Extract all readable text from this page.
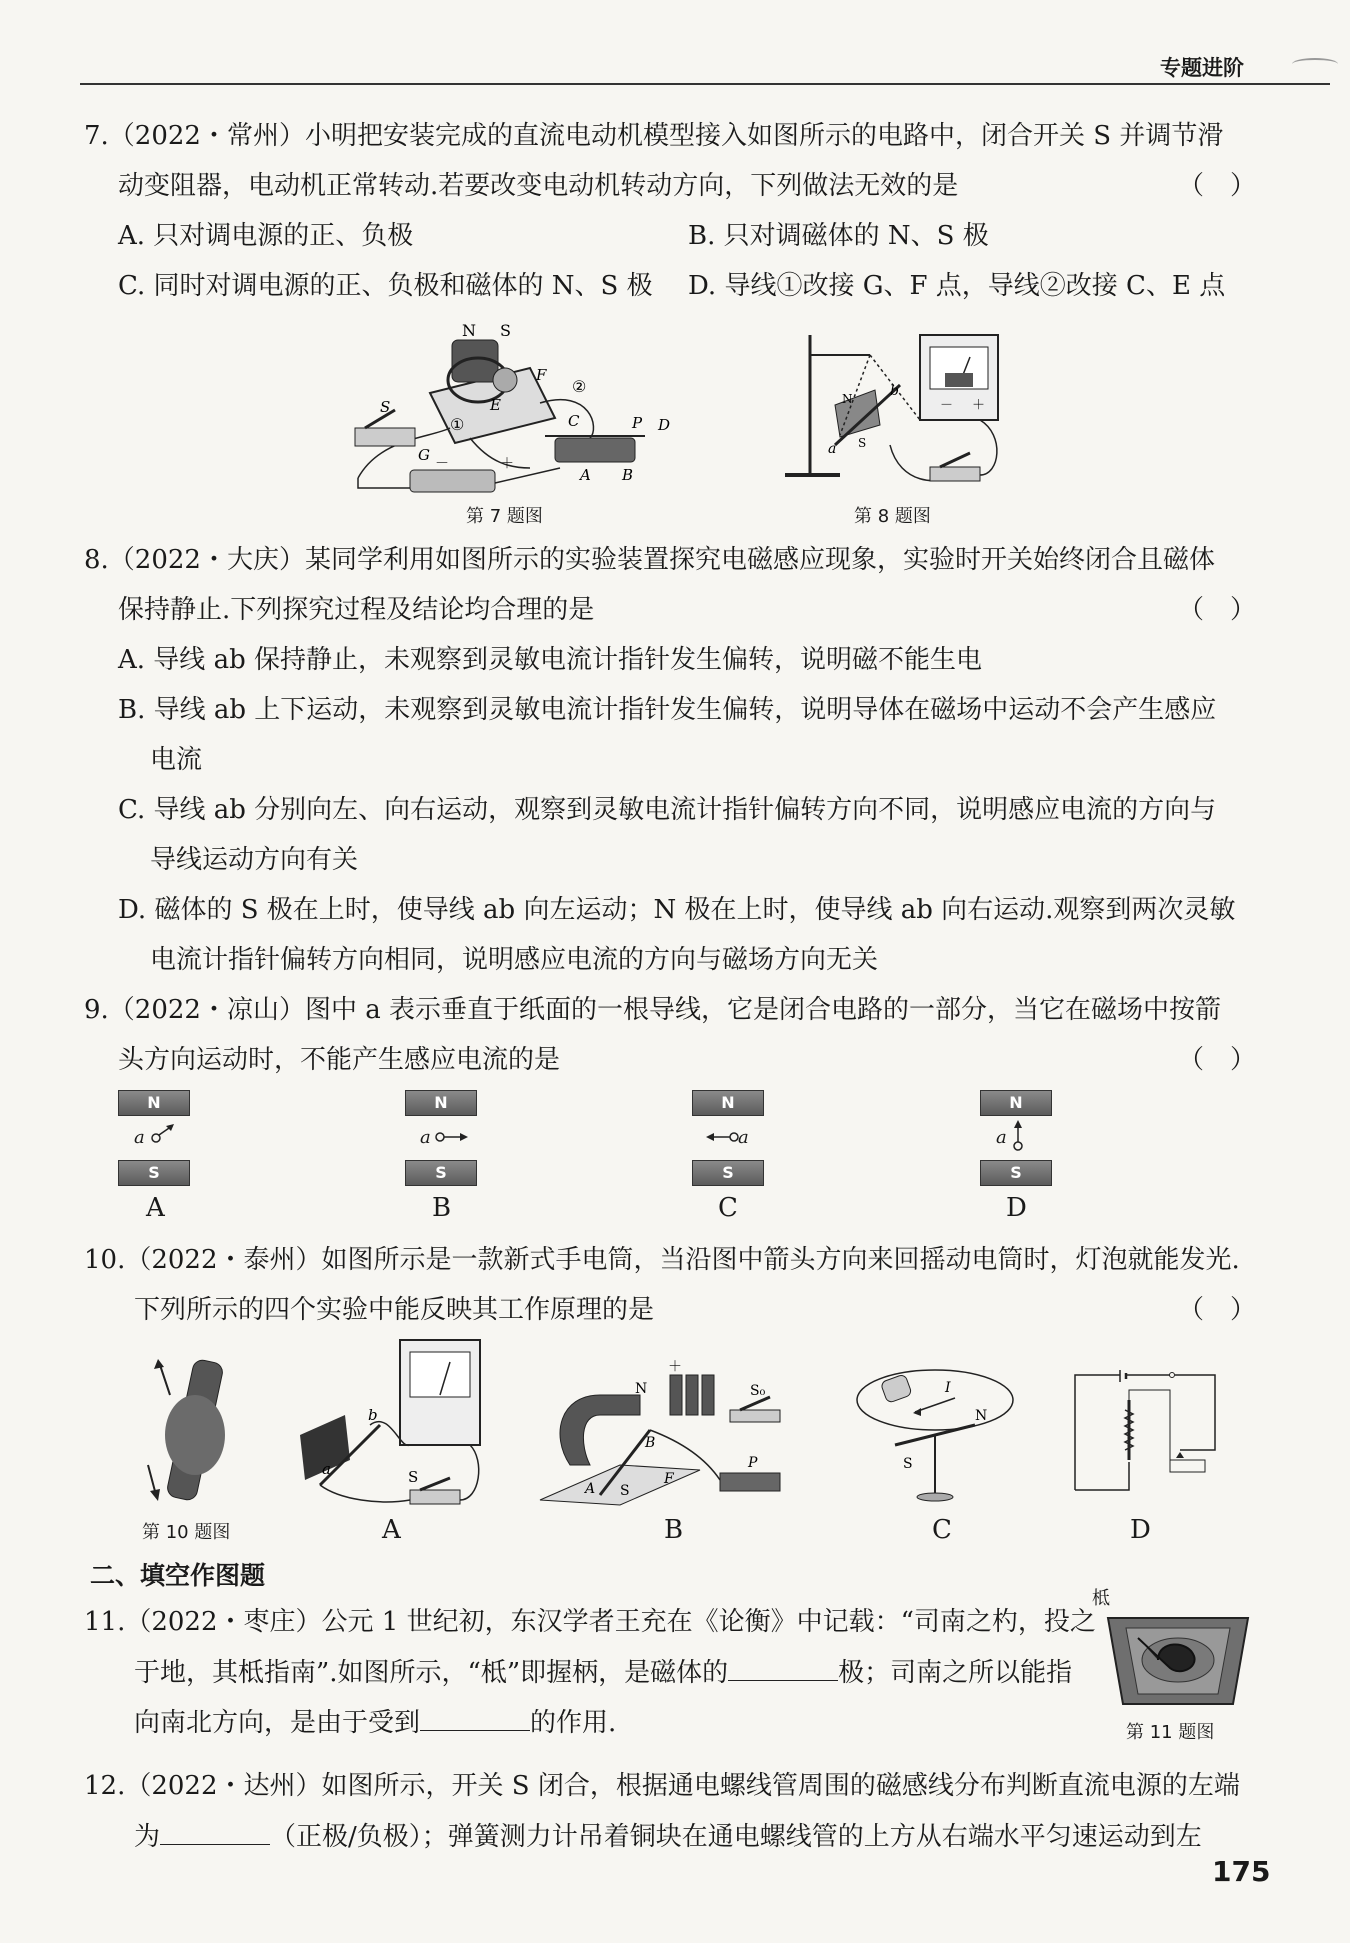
专题进阶
7.（2022・常州）小明把安装完成的直流电动机模型接入如图所示的电路中，闭合开关 S 并调节滑
动变阻器，电动机正常转动.若要改变电动机转动方向，下列做法无效的是	（　）
A. 只对调电源的正、负极	B. 只对调磁体的 N、S 极
C. 同时对调电源的正、负极和磁体的 N、S 极 D. 导线①改接 G、F 点，导线②改接 C、E 点
N S
F
E
①
②
S
G
C	P D
A B
－	＋
第 7 题图
a
b
N
S
－ ＋
第 8 题图
8.（2022・大庆）某同学利用如图所示的实验装置探究电磁感应现象，实验时开关始终闭合且磁体
保持静止.下列探究过程及结论均合理的是	（　）
A. 导线 ab 保持静止，未观察到灵敏电流计指针发生偏转，说明磁不能生电
B. 导线 ab 上下运动，未观察到灵敏电流计指针发生偏转，说明导体在磁场中运动不会产生感应
电流
C. 导线 ab 分别向左、向右运动，观察到灵敏电流计指针偏转方向不同，说明感应电流的方向与
导线运动方向有关
D. 磁体的 S 极在上时，使导线 ab 向左运动；N 极在上时，使导线 ab 向右运动.观察到两次灵敏
电流计指针偏转方向相同，说明感应电流的方向与磁场方向无关
9.（2022・凉山）图中 a 表示垂直于纸面的一根导线，它是闭合电路的一部分，当它在磁场中按箭
头方向运动时，不能产生感应电流的是	（　）
N
a
S
A
N
a
S
B
N
a
S
C
N
a
S
D
10.（2022・泰州）如图所示是一款新式手电筒，当沿图中箭头方向来回摇动电筒时，灯泡就能发光.
下列所示的四个实验中能反映其工作原理的是	（　）
第 10 题图
b
a	S
A
N
＋
S₀
B
F
A S
P
B
I
N
S
C	D
二、填空作图题
11.（2022・枣庄）公元 1 世纪初，东汉学者王充在《论衡》中记载：“司南之杓，投之
于地，其柢指南”.如图所示，“柢”即握柄，是磁体的	极；司南之所以能指
向南北方向，是由于受到	的作用.
柢
第 11 题图
12.（2022・达州）如图所示，开关 S 闭合，根据通电螺线管周围的磁感线分布判断直流电源的左端
为	（正极/负极）；弹簧测力计吊着铜块在通电螺线管的上方从右端水平匀速运动到左
175
